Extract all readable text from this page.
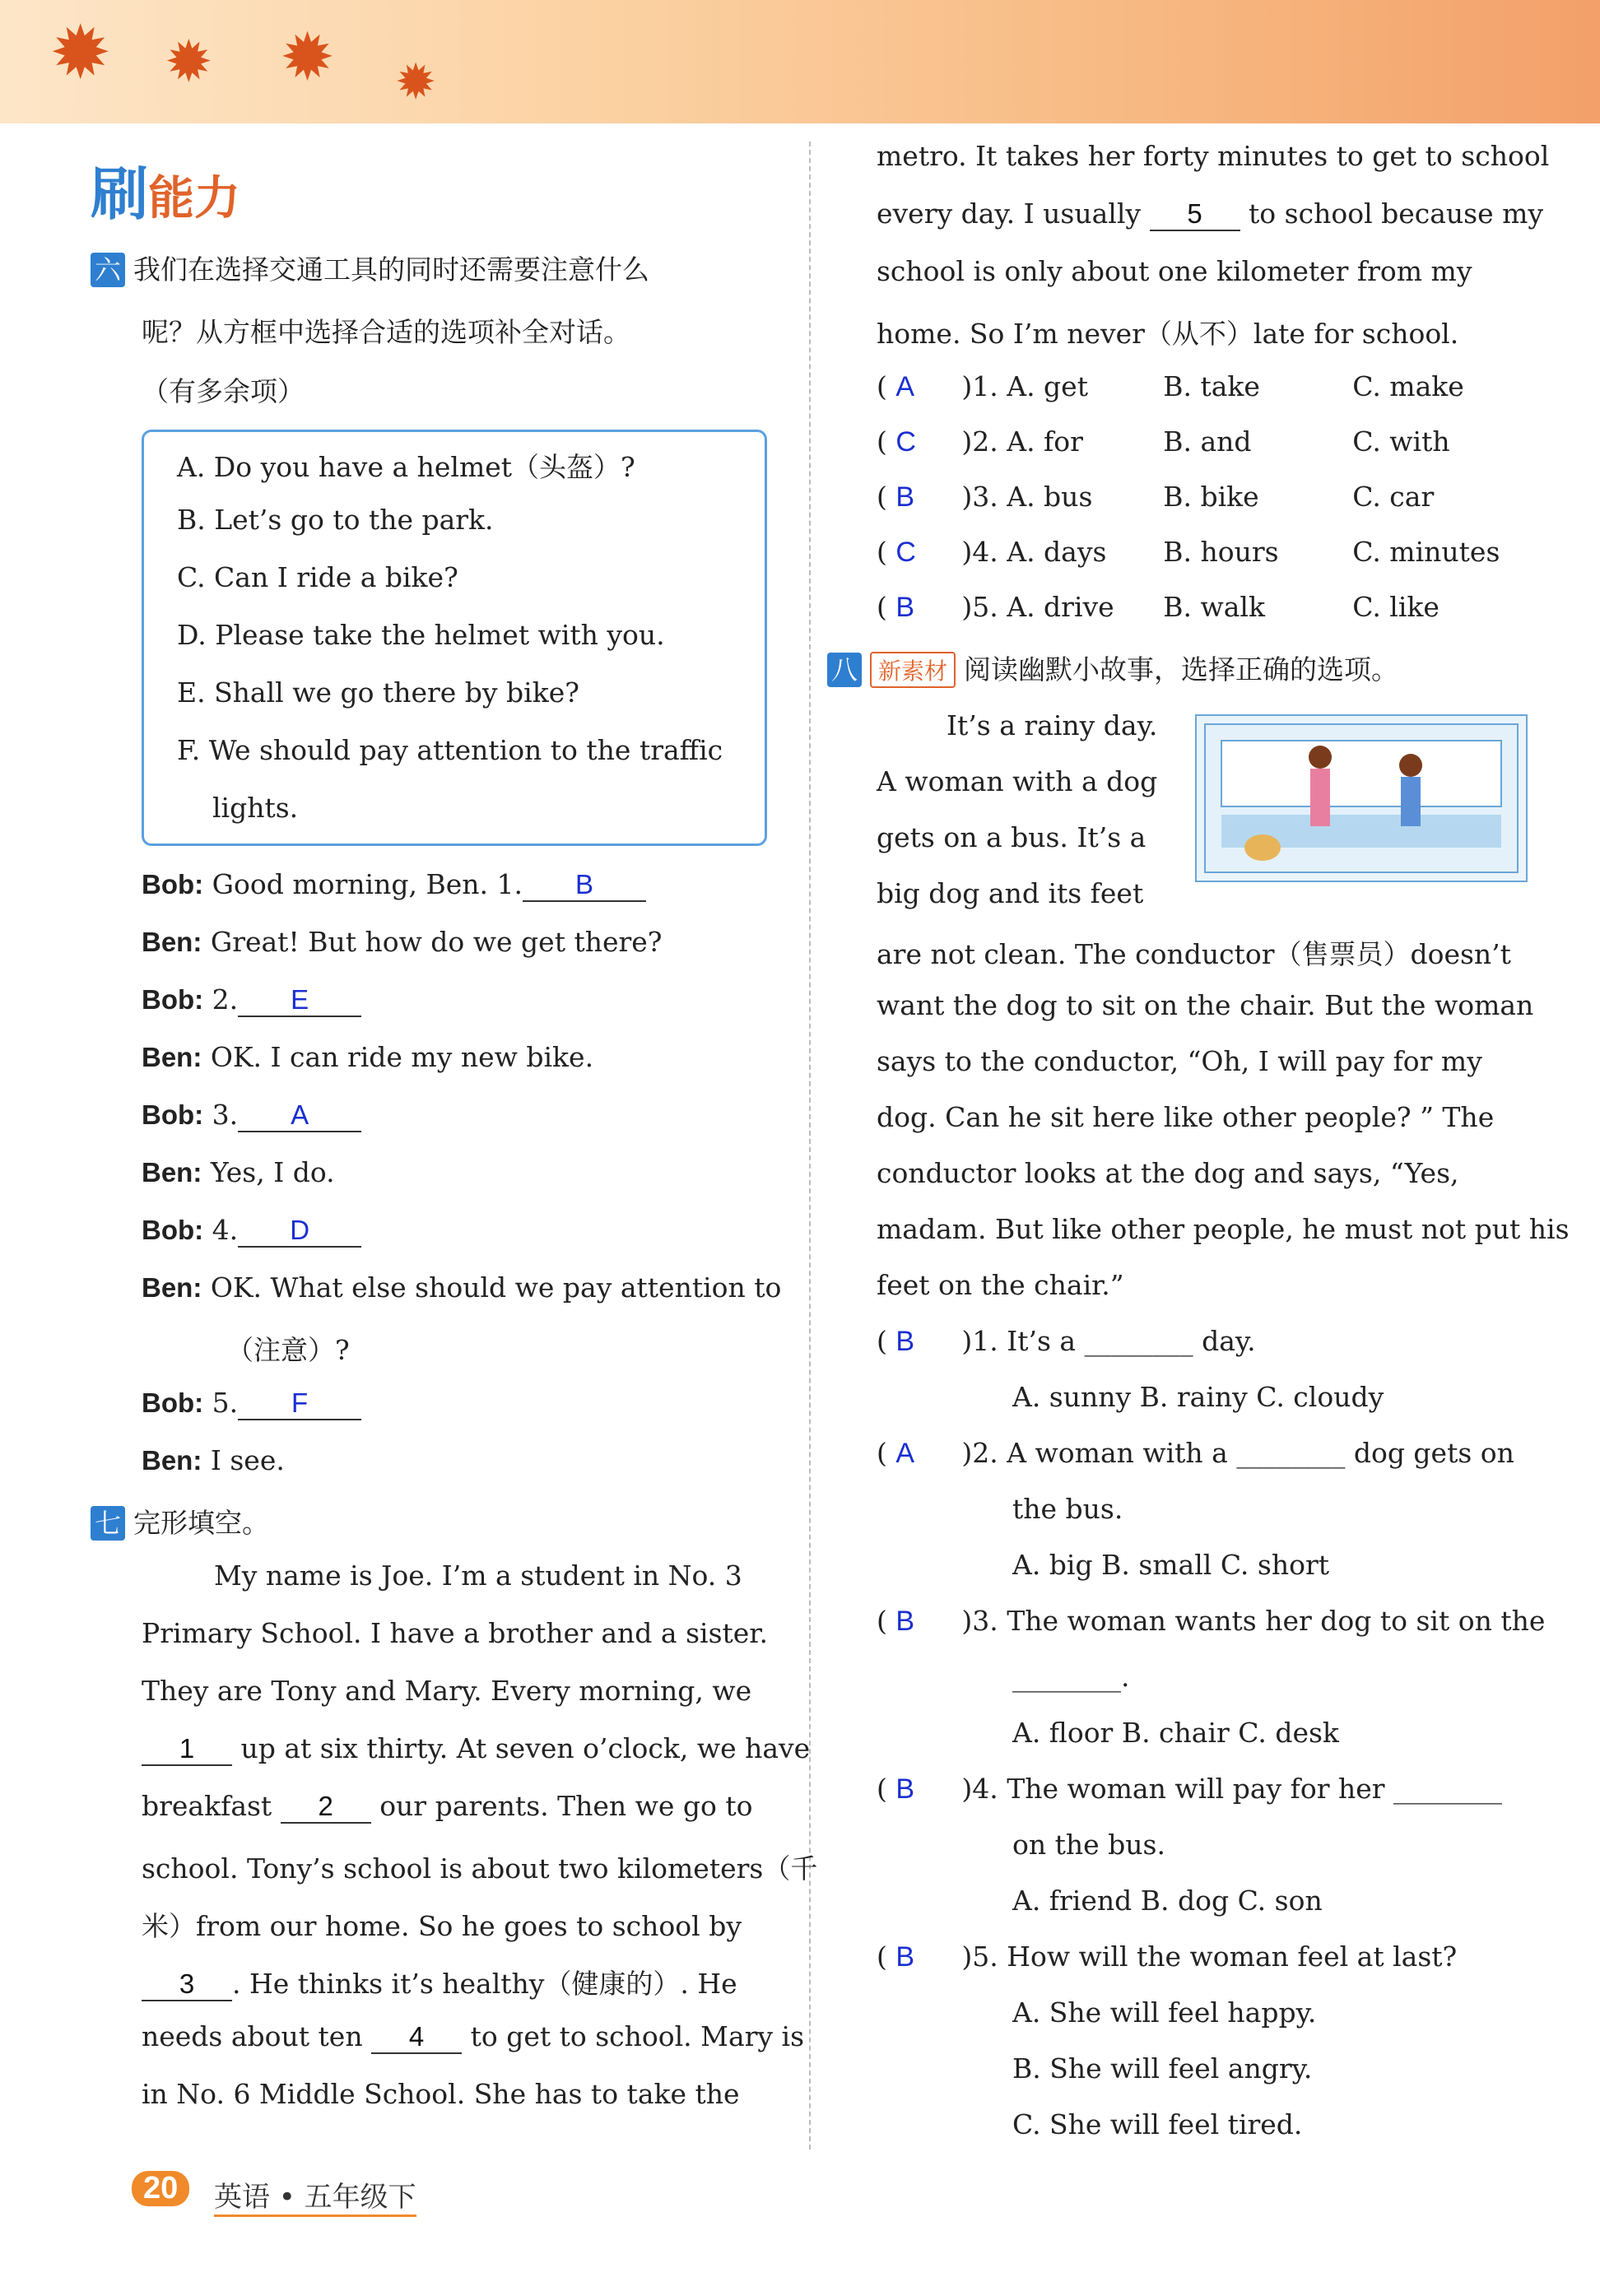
✹ ✹ ✹ ✹
刷能力
六 我们在选择交通工具的同时还需要注意什么
呢？从方框中选择合适的选项补全对话。
（有多余项）
A. Do you have a helmet（头盔）?
B. Let’s go to the park.
C. Can I ride a bike?
D. Please take the helmet with you.
E. Shall we go there by bike?
F. We should pay attention to the traffic
lights.
Bob: Good morning, Ben. 1. B
Ben: Great! But how do we get there?
Bob: 2. E
Ben: OK. I can ride my new bike.
Bob: 3. A
Ben: Yes, I do.
Bob: 4. D
Ben: OK. What else should we pay attention to
（注意）?
Bob: 5. F
Ben: I see.
七 完形填空。
My name is Joe. I’m a student in No. 3
Primary School. I have a brother and a sister.
They are Tony and Mary. Every morning, we
1 up at six thirty. At seven o’clock, we have
breakfast 2 our parents. Then we go to
school. Tony’s school is about two kilometers（千
米）from our home. So he goes to school by
3 . He thinks it’s healthy（健康的）. He
needs about ten 4 to get to school. Mary is
in No. 6 Middle School. She has to take the
metro. It takes her forty minutes to get to school
every day. I usually 5 to school because my
school is only about one kilometer from my
home. So I’m never（从不）late for school.
( A )1. A. get	B. take	C. make
( C )2. A. for	B. and	C. with
( B )3. A. bus	B. bike	C. car
( C )4. A. days B. hours	C. minutes
( B )5. A. drive B. walk	C. like
八 新素材 阅读幽默小故事，选择正确的选项。
It’s a rainy day.
A woman with a dog
gets on a bus. It’s a
big dog and its feet
are not clean. The conductor（售票员）doesn’t
want the dog to sit on the chair. But the woman
says to the conductor, “Oh, I will pay for my
dog. Can he sit here like other people? ” The
conductor looks at the dog and says, “Yes,
madam. But like other people, he must not put his
feet on the chair.”
( B )1. It’s a ________ day.
A. sunny B. rainy C. cloudy
( A )2. A woman with a ________ dog gets on
the bus.
A. big B. small C. short
( B )3. The woman wants her dog to sit on the
________.
A. floor B. chair C. desk
( B )4. The woman will pay for her ________
on the bus.
A. friend B. dog C. son
( B )5. How will the woman feel at last?
A. She will feel happy.
B. She will feel angry.
C. She will feel tired.
20	英语 • 五年级下
